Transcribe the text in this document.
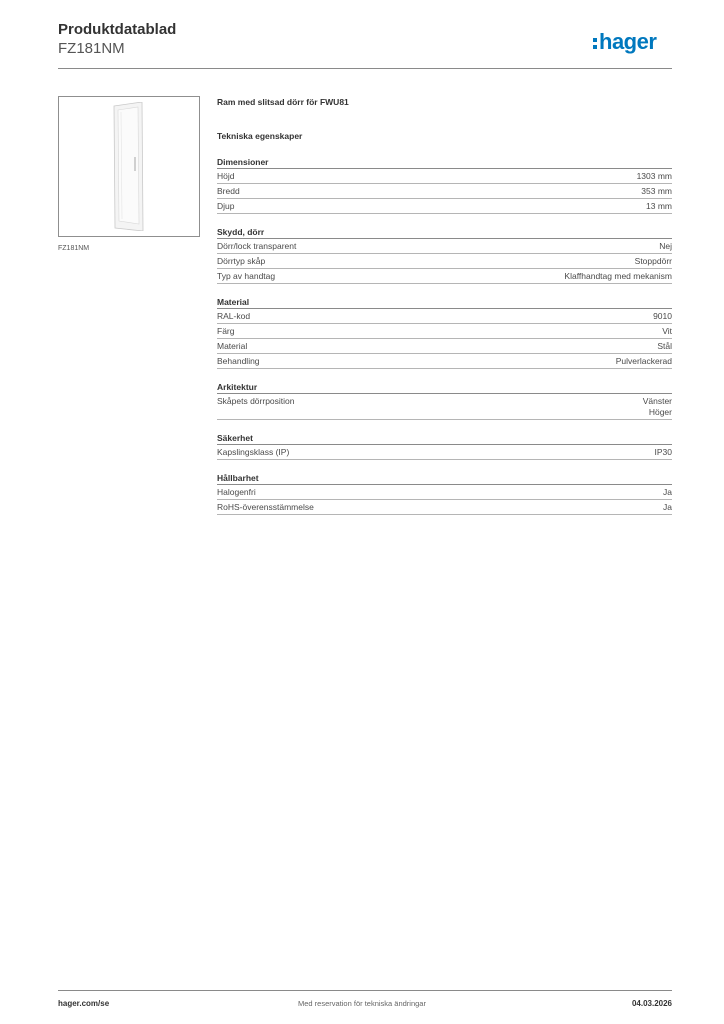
Produktdatablad
FZ181NM	hager
FZ181NM
Ram med slitsad dörr för FWU81
Tekniska egenskaper
Dimensioner
Höjd	1303 mm
Bredd	353 mm
Djup	13 mm
Skydd, dörr
Dörr/lock transparent	Nej
Dörrtyp skåp	Stoppdörr
Typ av handtag	Klaffhandtag med mekanism
Material
RAL-kod	9010
Färg	Vit
Material	Stål
Behandling	Pulverlackerad
Arkitektur
Skåpets dörrposition	Vänster
Höger
Säkerhet
Kapslingsklass (IP)	IP30
Hållbarhet
Halogenfri	Ja
RoHS-överensstämmelse	Ja
hager.com/se	Med reservation för tekniska ändringar	04.03.2026
